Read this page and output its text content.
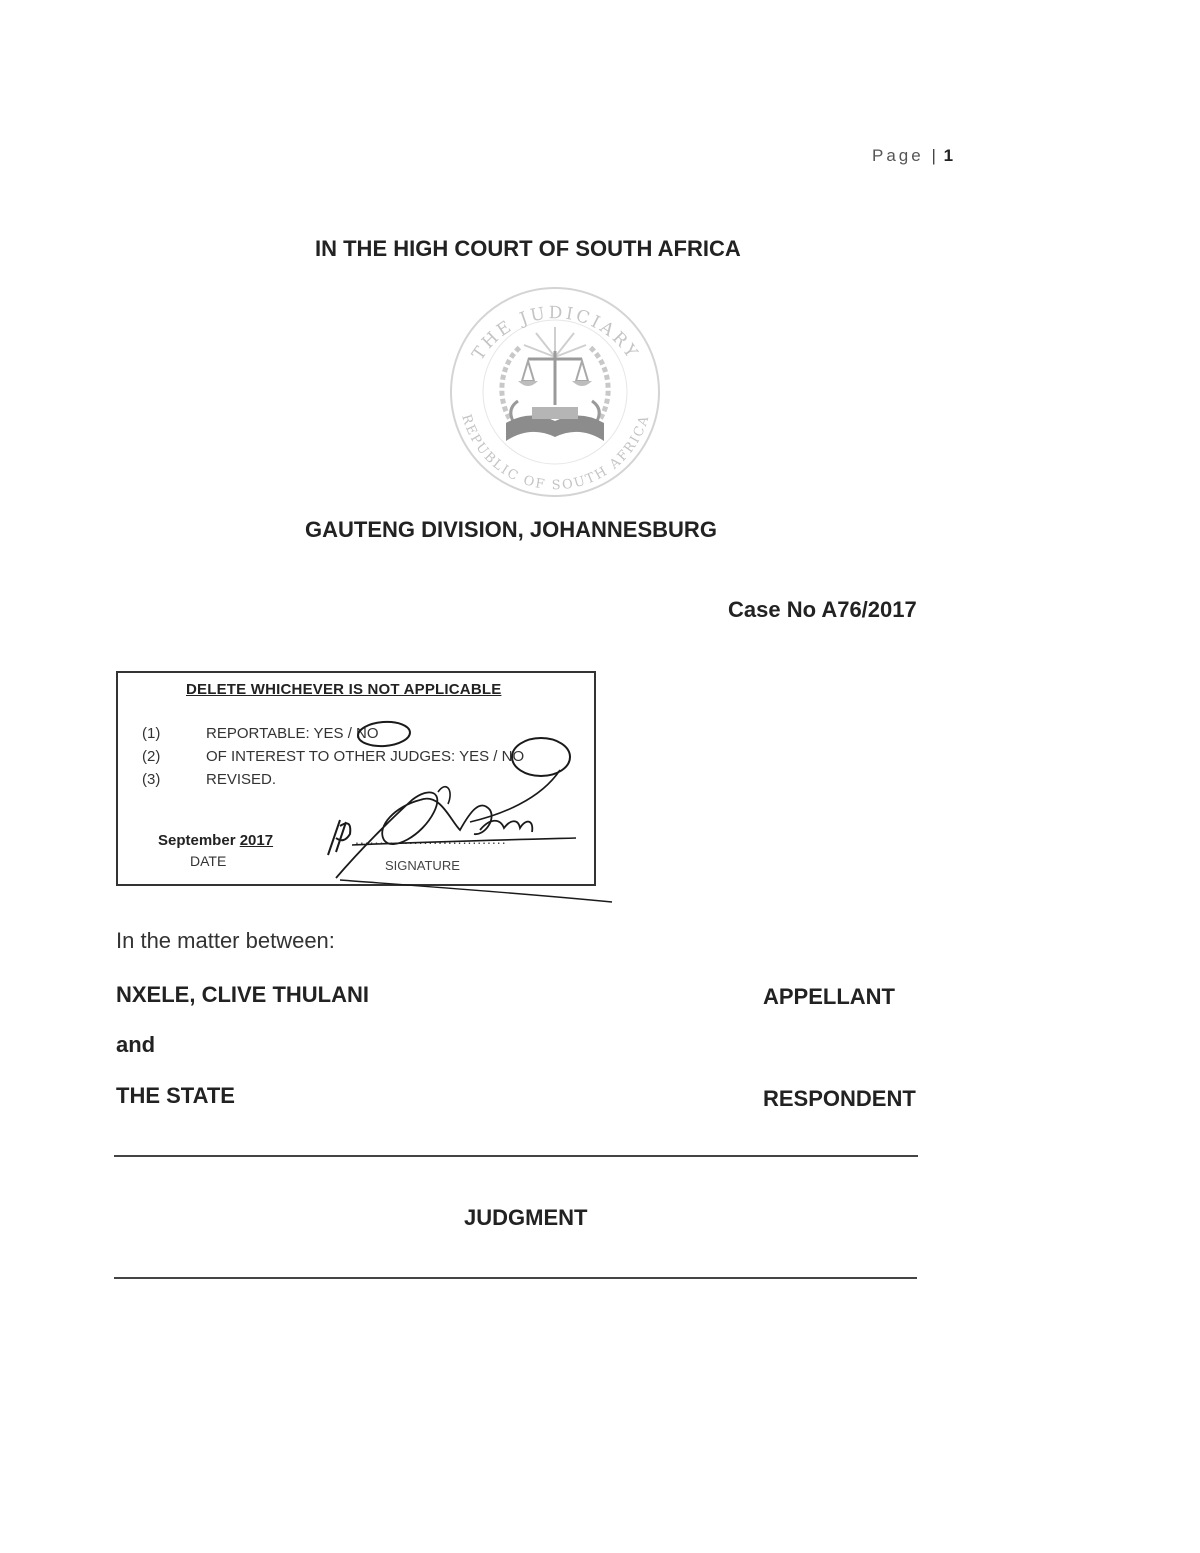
Page | 1
IN THE HIGH COURT OF SOUTH AFRICA
THE JUDICIARY
REPUBLIC OF SOUTH AFRICA
GAUTENG DIVISION, JOHANNESBURG
Case No A76/2017
DELETE WHICHEVER IS NOT APPLICABLE
(1)	REPORTABLE: YES / NO
(2)	OF INTEREST TO OTHER JUDGES: YES / NO
(3)	REVISED.
September 2017
DATE
...............................
SIGNATURE
In the matter between:
NXELE, CLIVE THULANI	APPELLANT
and
THE STATE	RESPONDENT
JUDGMENT
